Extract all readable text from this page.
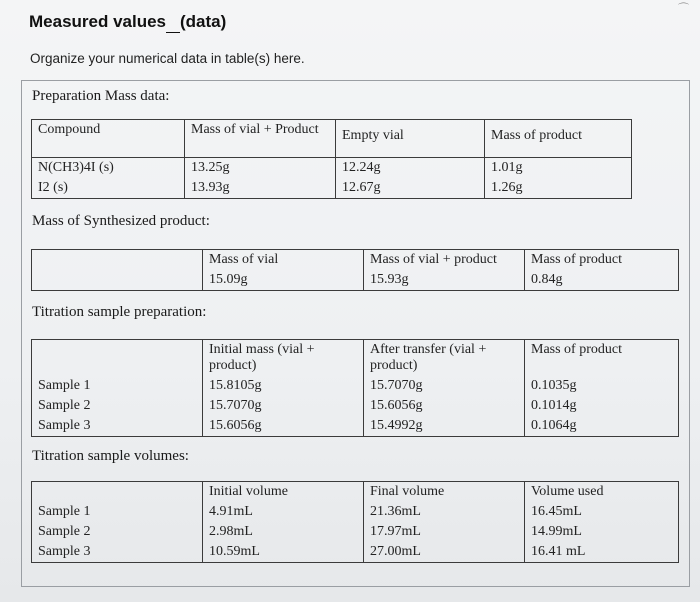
Measured values (data)
Organize your numerical data in table(s) here.
Preparation Mass data:
Compound	Mass of vial + Product	Empty vial	Mass of product
N(CH3)4I (s)	13.25g	12.24g	1.01g
I2 (s)	13.93g	12.67g	1.26g
Mass of Synthesized product:
	Mass of vial	Mass of vial + product	Mass of product
	15.09g	15.93g	0.84g
Titration sample preparation:
	Initial mass (vial + product)	After transfer (vial + product)	Mass of product
Sample 1	15.8105g	15.7070g	0.1035g
Sample 2	15.7070g	15.6056g	0.1014g
Sample 3	15.6056g	15.4992g	0.1064g
Titration sample volumes:
	Initial volume	Final volume	Volume used
Sample 1	4.91mL	21.36mL	16.45mL
Sample 2	2.98mL	17.97mL	14.99mL
Sample 3	10.59mL	27.00mL	16.41 mL
⌒
